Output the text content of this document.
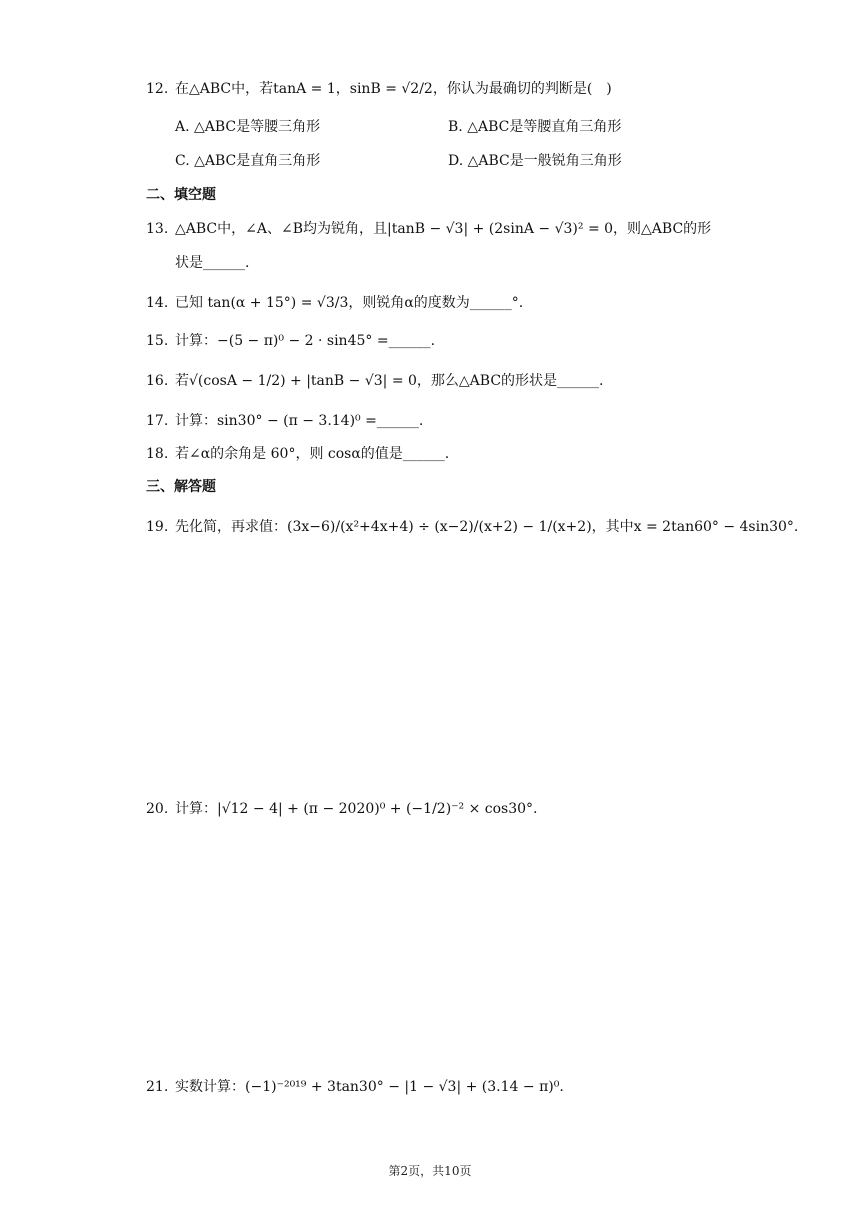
12. 在△ABC中，若tanA = 1，sinB = √2/2，你认为最确切的判断是(　)
A. △ABC是等腰三角形	B. △ABC是等腰直角三角形
C. △ABC是直角三角形	D. △ABC是一般锐角三角形
二、填空题
13. △ABC中，∠A、∠B均为锐角，且|tanB − √3| + (2sinA − √3)² = 0，则△ABC的形
状是______.
14. 已知 tan(α + 15°) = √3/3，则锐角α的度数为______°.
15. 计算：−(5 − π)⁰ − 2 · sin45° =______.
16. 若√(cosA − 1/2) + |tanB − √3| = 0，那么△ABC的形状是______.
17. 计算：sin30° − (π − 3.14)⁰ =______.
18. 若∠α的余角是 60°，则 cosα的值是______.
三、解答题
19. 先化简，再求值：(3x−6)/(x²+4x+4) ÷ (x−2)/(x+2) − 1/(x+2)，其中x = 2tan60° − 4sin30°.
20. 计算：|√12 − 4| + (π − 2020)⁰ + (−1/2)⁻² × cos30°.
21. 实数计算：(−1)⁻²⁰¹⁹ + 3tan30° − |1 − √3| + (3.14 − π)⁰.
第2页，共10页
